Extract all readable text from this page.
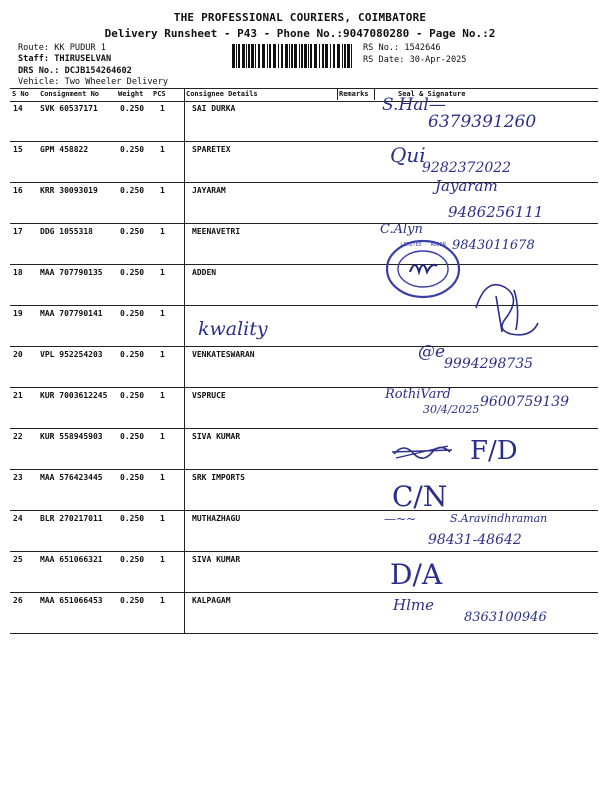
THE PROFESSIONAL COURIERS, COIMBATORE
Delivery Runsheet - P43 - Phone No.:9047080280 - Page No.:2
Route: KK PUDUR 1
Staff: THIRUSELVAN
DRS No.: DCJB154264602
Vehicle: Two Wheeler Delivery
RS No.: 1542646
RS Date: 30-Apr-2025
S No Consignment No	Weight PCS	Consignee Details	Remarks	Seal & Signature
14 SVK 60537171	0.250 1	SAI DURKA
15 GPM 458822	0.250 1	SPARETEX
16 KRR 30093019	0.250 1	JAYARAM
17 DDG 1055318	0.250 1	MEENAVETRI
18 MAA 707790135 0.250 1	ADDEN
19 MAA 707790141 0.250 1
20 VPL 952254203 0.250 1	VENKATESWARAN
21 KUR 7003612245 0.250 1	VSPRUCE
22 KUR 558945903 0.250 1	SIVA KUMAR
23 MAA 576423445 0.250 1	SRK IMPORTS
24 BLR 270217011 0.250 1	MUTHAZHAGU
25 MAA 651066321 0.250 1	SIVA KUMAR
26 MAA 651066453 0.250 1	KALPAGAM
S.Hal—
6379391260
Qui
9282372022
Jayaram
9486256111
C.Alyn
9843011678
LIMITED · ADDEN
kwality
@e
9994298735
RothiVard
30/4/2025 9600759139
F/D
C/N
—~~	S.Aravindhraman
98431-48642
D/A
Hlme
8363100946
